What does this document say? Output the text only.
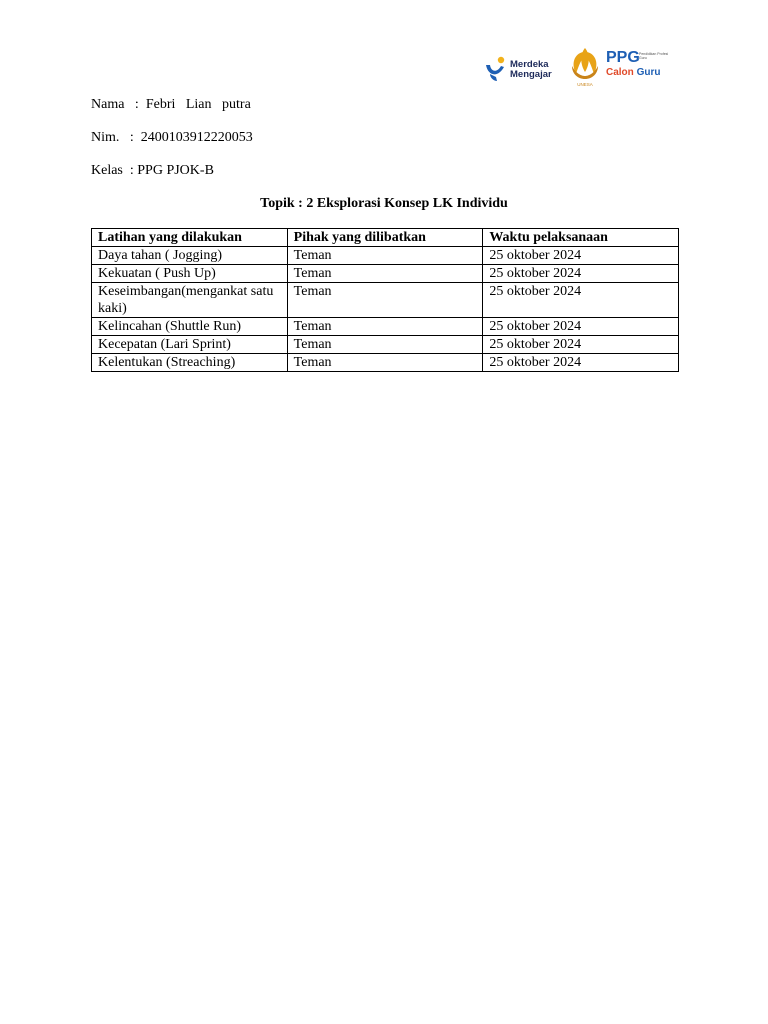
Merdeka
Mengajar
UNESA
PPG Pendidikan Profesi Guru
Calon Guru
Nama   :  Febri   Lian   putra
Nim.   :  2400103912220053
Kelas  : PPG PJOK-B
Topik : 2 Eksplorasi Konsep LK Individu
Latihan yang dilakukan	Pihak yang dilibatkan	Waktu pelaksanaan
Daya tahan ( Jogging)	Teman	25 oktober 2024
Kekuatan ( Push Up)	Teman	25 oktober 2024
Keseimbangan(mengankat satu kaki)	Teman	25 oktober 2024
Kelincahan (Shuttle Run)	Teman	25 oktober 2024
Kecepatan (Lari Sprint)	Teman	25 oktober 2024
Kelentukan (Streaching)	Teman	25 oktober 2024
